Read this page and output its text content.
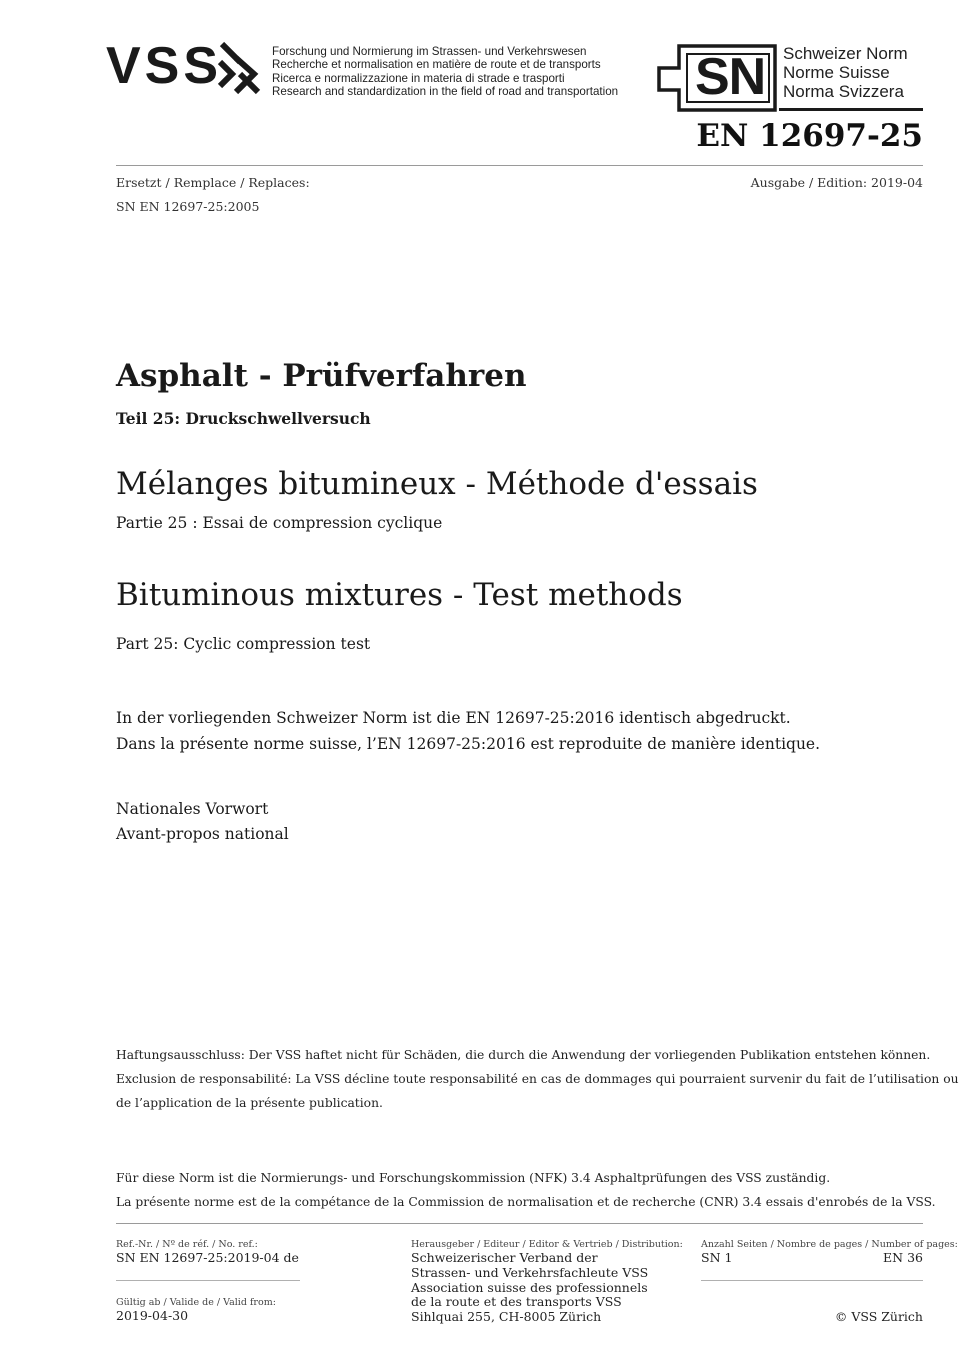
VSS	Forschung und Normierung im Strassen- und Verkehrswesen
Recherche et normalisation en matière de route et de transports
Ricerca e normalizzazione in materia di strade e trasporti
Research and standardization in the field of road and transportation SN Schweizer Norm
Norme Suisse
Norma Svizzera
EN 12697-25
Ersetzt / Remplace / Replaces:
SN EN 12697-25:2005
Ausgabe / Edition: 2019-04
Asphalt - Prüfverfahren
Teil 25: Druckschwellversuch
Mélanges bitumineux - Méthode d'essais
Partie 25 : Essai de compression cyclique
Bituminous mixtures - Test methods
Part 25: Cyclic compression test
In der vorliegenden Schweizer Norm ist die EN 12697-25:2016 identisch abgedruckt.
Dans la présente norme suisse, l’EN 12697-25:2016 est reproduite de manière identique.
Nationales Vorwort
Avant-propos national
Haftungsausschluss: Der VSS haftet nicht für Schäden, die durch die Anwendung der vorliegenden Publikation entstehen können.
Exclusion de responsabilité: La VSS décline toute responsabilité en cas de dommages qui pourraient survenir du fait de l’utilisation ou
de l’application de la présente publication.
Für diese Norm ist die Normierungs- und Forschungskommission (NFK) 3.4 Asphaltprüfungen des VSS zuständig.
La présente norme est de la compétance de la Commission de normalisation et de recherche (CNR) 3.4 essais d'enrobés de la VSS.
Ref.-Nr. / Nº de réf. / No. ref.:
SN EN 12697-25:2019-04 de
Gültig ab / Valide de / Valid from:
2019-04-30
Herausgeber / Editeur / Editor & Vertrieb / Distribution:
Schweizerischer Verband der
Strassen- und Verkehrsfachleute VSS
Association suisse des professionnels
de la route et des transports VSS
Sihlquai 255, CH-8005 Zürich
Anzahl Seiten / Nombre de pages / Number of pages:
SN 1	EN 36
© VSS Zürich
